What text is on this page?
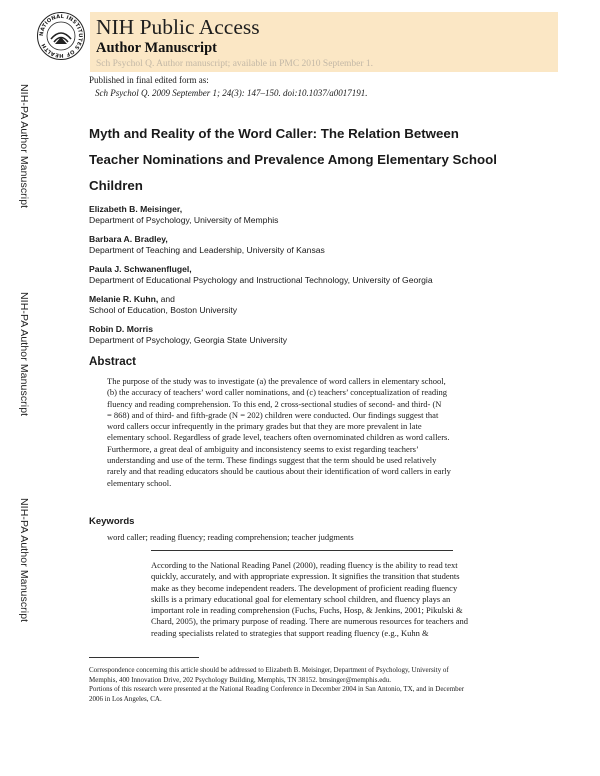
NATIONAL INSTITUTES OF HEALTH
NIH Public Access
Author Manuscript
Sch Psychol Q. Author manuscript; available in PMC 2010 September 1.
Published in final edited form as:
Sch Psychol Q. 2009 September 1; 24(3): 147–150. doi:10.1037/a0017191.
NIH-PA Author Manuscript
NIH-PA Author Manuscript
NIH-PA Author Manuscript
Myth and Reality of the Word Caller: The Relation Between
Teacher Nominations and Prevalence Among Elementary School
Children
Elizabeth B. Meisinger,
Department of Psychology, University of Memphis
Barbara A. Bradley,
Department of Teaching and Leadership, University of Kansas
Paula J. Schwanenflugel,
Department of Educational Psychology and Instructional Technology, University of Georgia
Melanie R. Kuhn, and
School of Education, Boston University
Robin D. Morris
Department of Psychology, Georgia State University
Abstract
The purpose of the study was to investigate (a) the prevalence of word callers in elementary school,
(b) the accuracy of teachers’ word caller nominations, and (c) teachers’ conceptualization of reading
fluency and reading comprehension. To this end, 2 cross-sectional studies of second- and third- (N
= 868) and of third- and fifth-grade (N = 202) children were conducted. Our findings suggest that
word callers occur infrequently in the primary grades but that they are more prevalent in late
elementary school. Regardless of grade level, teachers often overnominated children as word callers.
Furthermore, a great deal of ambiguity and inconsistency seems to exist regarding teachers’
understanding and use of the term. These findings suggest that the term should be used relatively
rarely and that reading educators should be cautious about their identification of word callers in early
elementary school.
Keywords
word caller; reading fluency; reading comprehension; teacher judgments
According to the National Reading Panel (2000), reading fluency is the ability to read text
quickly, accurately, and with appropriate expression. It signifies the transition that students
make as they become independent readers. The development of proficient reading fluency
skills is a primary educational goal for elementary school children, and fluency plays an
important role in reading comprehension (Fuchs, Fuchs, Hosp, & Jenkins, 2001; Pikulski &
Chard, 2005), the primary purpose of reading. There are numerous resources for teachers and
reading specialists related to strategies that support reading fluency (e.g., Kuhn &
Correspondence concerning this article should be addressed to Elizabeth B. Meisinger, Department of Psychology, University of
Memphis, 400 Innovation Drive, 202 Psychology Building, Memphis, TN 38152. bmsinger@memphis.edu.
Portions of this research were presented at the National Reading Conference in December 2004 in San Antonio, TX, and in December
2006 in Los Angeles, CA.
